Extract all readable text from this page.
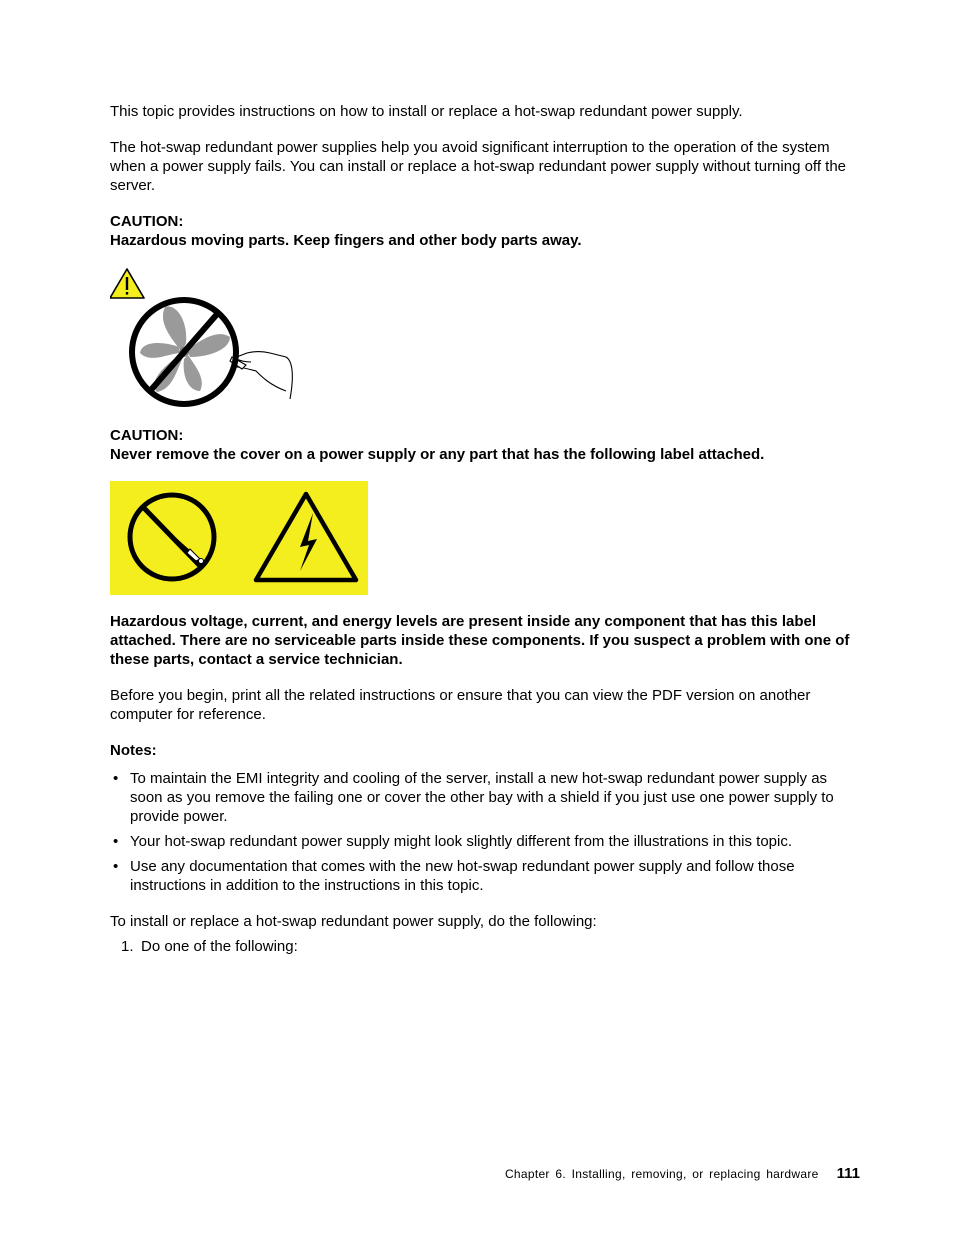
This topic provides instructions on how to install or replace a hot-swap redundant power supply.

The hot-swap redundant power supplies help you avoid significant interruption to the operation of the system when a power supply fails. You can install or replace a hot-swap redundant power supply without turning off the server.

CAUTION:

Hazardous moving parts. Keep fingers and other body parts away.

CAUTION:

Never remove the cover on a power supply or any part that has the following label attached.

Hazardous voltage, current, and energy levels are present inside any component that has this label attached. There are no serviceable parts inside these components. If you suspect a problem with one of these parts, contact a service technician.

Before you begin, print all the related instructions or ensure that you can view the PDF version on another computer for reference.

Notes:

• To maintain the EMI integrity and cooling of the server, install a new hot-swap redundant power supply as soon as you remove the failing one or cover the other bay with a shield if you just use one power supply to provide power.
• Your hot-swap redundant power supply might look slightly different from the illustrations in this topic.
• Use any documentation that comes with the new hot-swap redundant power supply and follow those instructions in addition to the instructions in this topic.

To install or replace a hot-swap redundant power supply, do the following:

1. Do one of the following:
Chapter 6. Installing, removing, or replacing hardware 111
